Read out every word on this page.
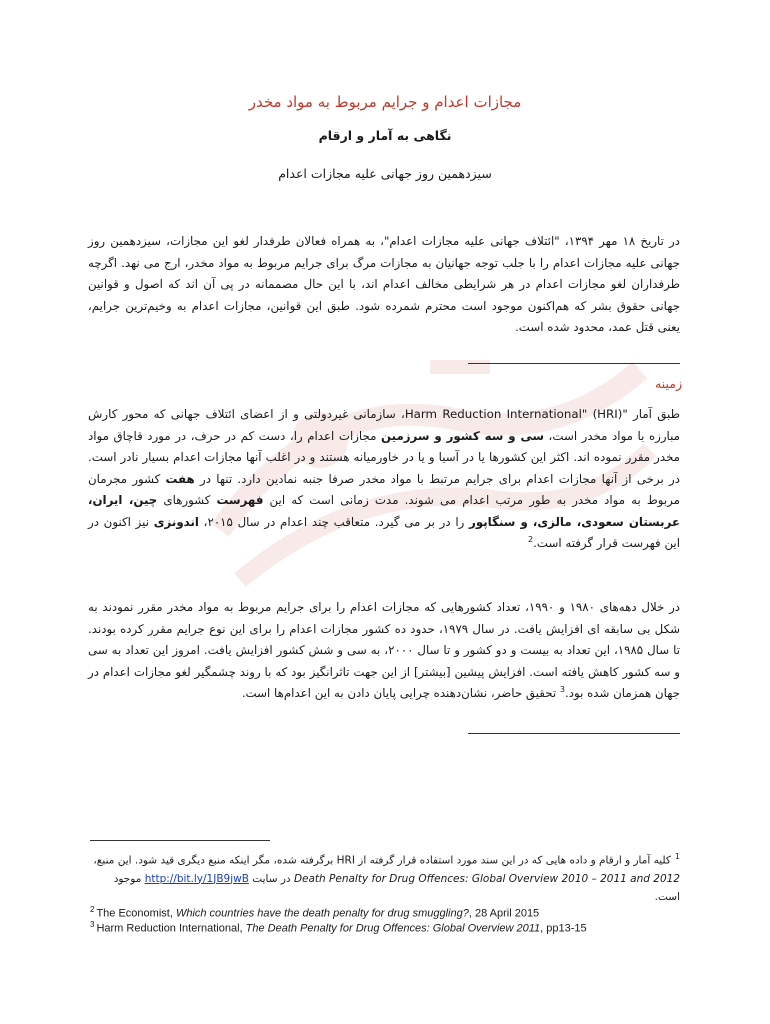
مجازات اعدام و جرایم مربوط به مواد مخدر
نگاهی به آمار و ارقام
سیزدهمین روز جهانی علیه مجازات اعدام
در تاریخ ۱۸ مهر ۱۳۹۴، "ائتلاف جهانی علیه مجازات اعدام"، به همراه فعالان طرفدار لغو این مجازات، سیزدهمین روز جهانی علیه مجازات اعدام را با جلب توجه جهانیان به مجازات مرگ برای جرایم مربوط به مواد مخدر، ارج می نهد. اگرچه طرفداران لغو مجازات اعدام در هر شرایطی مخالف اعدام اند، با این حال مصممانه در پی آن اند که اصول و قوانین جهانی حقوق بشر که هم‌اکنون موجود است محترم شمرده شود. طبق این قوانین، مجازات اعدام به وخیم‌ترین جرایم، یعنی قتل عمد، محدود شده است.
زمینه
طبق آمار "Harm Reduction International" (HRI)، سازمانی غیردولتی و از اعضای ائتلاف جهانی که محور کارش مبارزه با مواد مخدر است، سی و سه کشور و سرزمین مجازات اعدام را، دست کم در حرف، در مورد قاچاق مواد مخدر مقرر نموده اند. اکثر این کشورها یا در آسیا و یا در خاورمیانه هستند و در اغلب آنها مجازات اعدام بسیار نادر است. در برخی از آنها مجازات اعدام برای جرایم مرتبط با مواد مخدر صرفا جنبه نمادین دارد. تنها در هفت کشور مجرمان مربوط به مواد مخدر به طور مرتب اعدام می شوند. مدت زمانی است که این فهرست کشورهای چین، ایران، عربستان سعودی، مالزی، و سنگاپور را در بر می گیرد. متعاقب چند اعدام در سال ۲۰۱۵، اندونزی نیز اکنون در این فهرست قرار گرفته است.$^2$
در خلال دهه‌های ۱۹۸۰ و ۱۹۹۰، تعداد کشورهایی که مجازات اعدام را برای جرایم مربوط به مواد مخدر مقرر نمودند به شکل بی سابقه ای افزایش یافت. در سال ۱۹۷۹، حدود ده کشور مجازات اعدام را برای این نوع جرایم مقرر کرده بودند. تا سال ۱۹۸۵، این تعداد به بیست و دو کشور و تا سال ۲۰۰۰، به سی و شش کشور افزایش یافت. امروز این تعداد به سی و سه کشور کاهش یافته است. افزایش پیشین [بیشتر] از این جهت تاثرانگیز بود که با روند چشمگیر لغو مجازات اعدام در جهان همزمان شده بود.$^3$ تحقیق حاضر، نشان‌دهنده چرایی پایان دادن به این اعدام‌ها است.
$^1$کلیه آمار و ارقام و داده هایی که در این سند مورد استفاده قرار گرفته از HRI برگرفته شده، مگر اینکه منبع دیگری قید شود. این منبع، Death Penalty for Drug Offences: Global Overview 2010 – 2011 and 2012 در سایت http://bit.ly/1JB9jwB موجود است.
$^2$ The Economist, Which countries have the death penalty for drug smuggling?, 28 April 2015
$^3$ Harm Reduction International, The Death Penalty for Drug Offences: Global Overview 2011, pp13-15
